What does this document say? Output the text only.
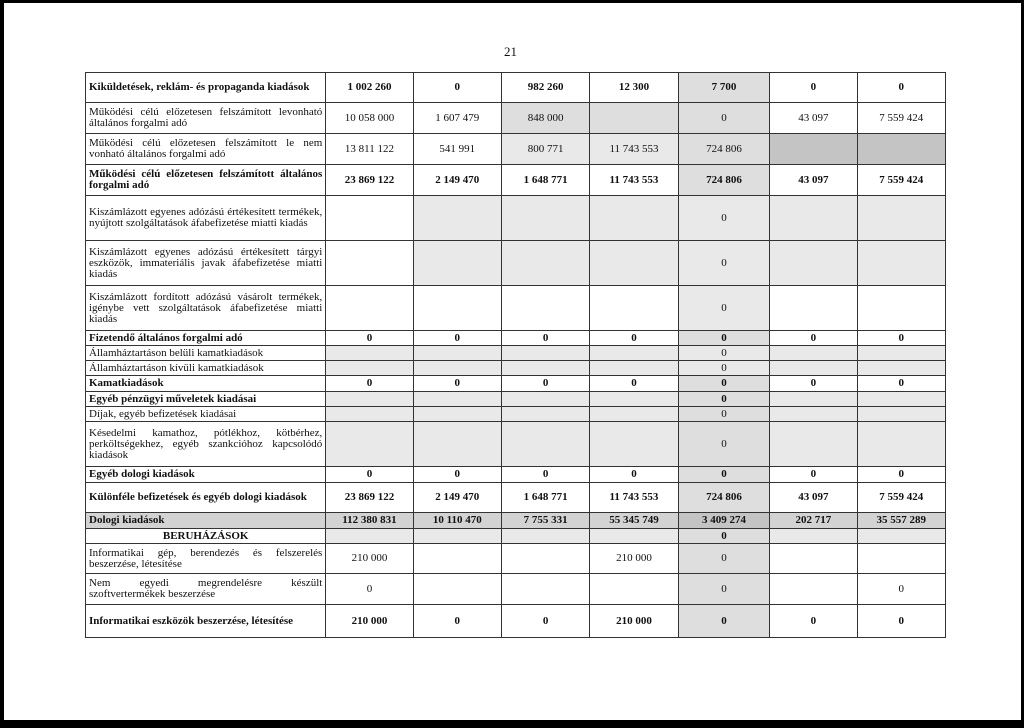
21
Kiküldetések, reklám- és propaganda kiadások	1 002 260	0	982 260	12 300	7 700	0	0
Működési célú előzetesen felszámított levonható általános forgalmi adó	10 058 000	1 607 479	848 000		0	43 097	7 559 424
Működési célú előzetesen felszámított le nem vonható általános forgalmi adó	13 811 122	541 991	800 771	11 743 553	724 806		
Működési célú előzetesen felszámított általános forgalmi adó	23 869 122	2 149 470	1 648 771	11 743 553	724 806	43 097	7 559 424
Kiszámlázott egyenes adózású értékesített termékek, nyújtott szolgáltatások áfabefizetése miatti kiadás					0		
Kiszámlázott egyenes adózású értékesített tárgyi eszközök, immateriális javak áfabefizetése miatti kiadás					0		
Kiszámlázott fordított adózású vásárolt termékek, igénybe vett szolgáltatások áfabefizetése miatti kiadás					0		
Fizetendő általános forgalmi adó	0	0	0	0	0	0	0
Államháztartáson belüli kamatkiadások					0		
Államháztartáson kívüli kamatkiadások					0		
Kamatkiadások	0	0	0	0	0	0	0
Egyéb pénzügyi műveletek kiadásai					0		
Díjak, egyéb befizetések kiadásai					0		
Késedelmi kamathoz, pótlékhoz, kötbérhez, perköltségekhez, egyéb szankcióhoz kapcsolódó kiadások					0		
Egyéb dologi kiadások	0	0	0	0	0	0	0
Különféle befizetések és egyéb dologi kiadások	23 869 122	2 149 470	1 648 771	11 743 553	724 806	43 097	7 559 424
Dologi kiadások	112 380 831	10 110 470	7 755 331	55 345 749	3 409 274	202 717	35 557 289
BERUHÁZÁSOK					0		
Informatikai gép, berendezés és felszerelés beszerzése, létesítése	210 000			210 000	0		
Nem egyedi megrendelésre készült szoftvertermékek beszerzése	0				0		0
Informatikai eszközök beszerzése, létesítése	210 000	0	0	210 000	0	0	0
